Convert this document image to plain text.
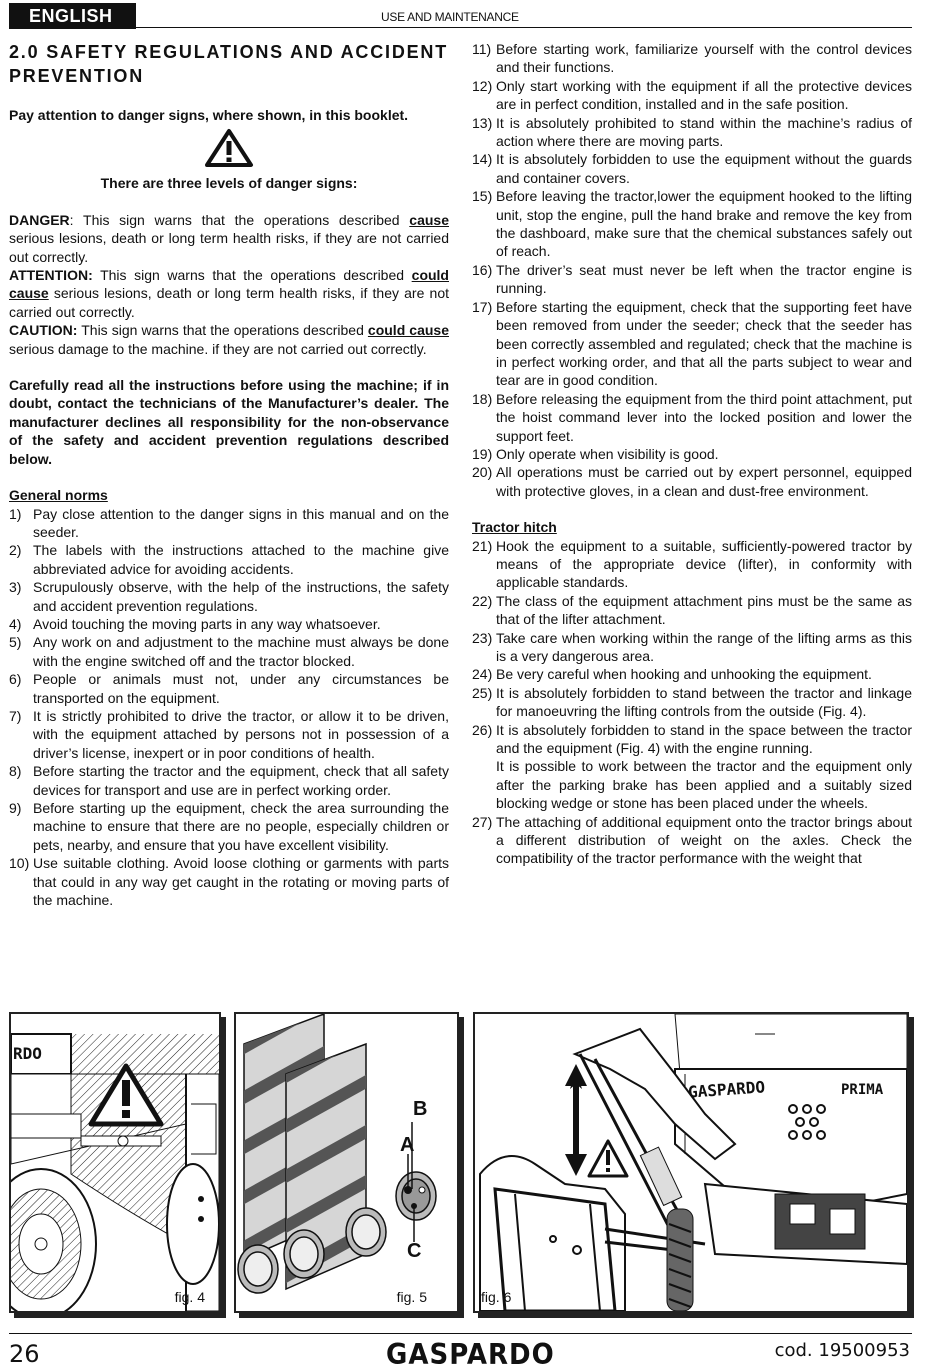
ENGLISH	USE AND MAINTENANCE

2.0 SAFETY REGULATIONS AND ACCIDENT PREVENTION

Pay attention to danger signs, where shown, in this booklet.

There are three levels of danger signs:

DANGER: This sign warns that the operations described cause serious lesions, death or long term health risks, if they are not carried out correctly.

ATTENTION: This sign warns that the operations described could cause serious lesions, death or long term health risks, if they are not carried out correctly.

CAUTION: This sign warns that the operations described could cause serious damage to the machine. if they are not carried out correctly.

Carefully read all the instructions before using the machine; if in doubt, contact the technicians of the Manufacturer’s dealer. The manufacturer declines all responsibility for the non-observance of the safety and accident prevention regulations described below.

General norms

1) Pay close attention to the danger signs in this manual and on the seeder.
2) The labels with the instructions attached to the machine give abbreviated advice for avoiding accidents.
3) Scrupulously observe, with the help of the instructions, the safety and accident prevention regulations.
4) Avoid touching the moving parts in any way whatsoever.
5) Any work on and adjustment to the machine must always be done with the engine switched off and the tractor blocked.
6) People or animals must not, under any circumstances be transported on the equipment.
7) It is strictly prohibited to drive the tractor, or allow it to be driven, with the equipment attached by persons not in possession of a driver’s license, inexpert or in poor conditions of health.
8) Before starting the tractor and the equipment, check that all safety devices for transport and use are in perfect working order.
9) Before starting up the equipment, check the area surrounding the machine to ensure that there are no people, especially children or pets, nearby, and ensure that you have excellent visibility.
10) Use suitable clothing. Avoid loose clothing or garments with parts that could in any way get caught in the rotating or moving parts of the machine.
11) Before starting work, familiarize yourself with the control devices and their functions.
12) Only start working with the equipment if all the protective devices are in perfect condition, installed and in the safe position.
13) It is absolutely prohibited to stand within the machine’s radius of action where there are moving parts.
14) It is absolutely forbidden to use the equipment without the guards and container covers.
15) Before leaving the tractor,lower the equipment hooked to the lifting unit, stop the engine, pull the hand brake and remove the key from the dashboard, make sure that the chemical substances safely out of reach.
16) The driver’s seat must never be left when the tractor engine is running.
17) Before starting the equipment, check that the supporting feet have been removed from under the seeder; check that the seeder has been correctly assembled and regulated; check that the machine is in perfect working order, and that all the parts subject to wear and tear are in good condition.
18) Before releasing the equipment from the third point attachment, put the hoist command lever into the locked position and lower the support feet.
19) Only operate when visibility is good.
20) All operations must be carried out by expert personnel, equipped with protective gloves, in a clean and dust-free environment.

Tractor hitch

21) Hook the equipment to a suitable, sufficiently-powered tractor by means of the appropriate device (lifter), in conformity with applicable standards.
22) The class of the equipment attachment pins must be the same as that of the lifter attachment.
23) Take care when working within the range of the lifting arms as this is a very dangerous area.
24) Be very careful when hooking and unhooking the equipment.
25) It is absolutely forbidden to stand between the tractor and linkage for manoeuvring the lifting controls from the outside (Fig. 4).
26) It is absolutely forbidden to stand in the space between the tractor and the equipment (Fig. 4) with the engine running.
It is possible to work between the tractor and the equipment only after the parking brake has been applied and a suitably sized blocking wedge or stone has been placed under the wheels.
27) The attaching of additional equipment onto the tractor brings about a different distribution of weight on the axles. Check the compatibility of the tractor performance with the weight that
RDO
fig. 4
B
A
C
fig. 5
GASPARDO	PRIMA
fig. 6
26	GASPARDO	cod. 19500953
